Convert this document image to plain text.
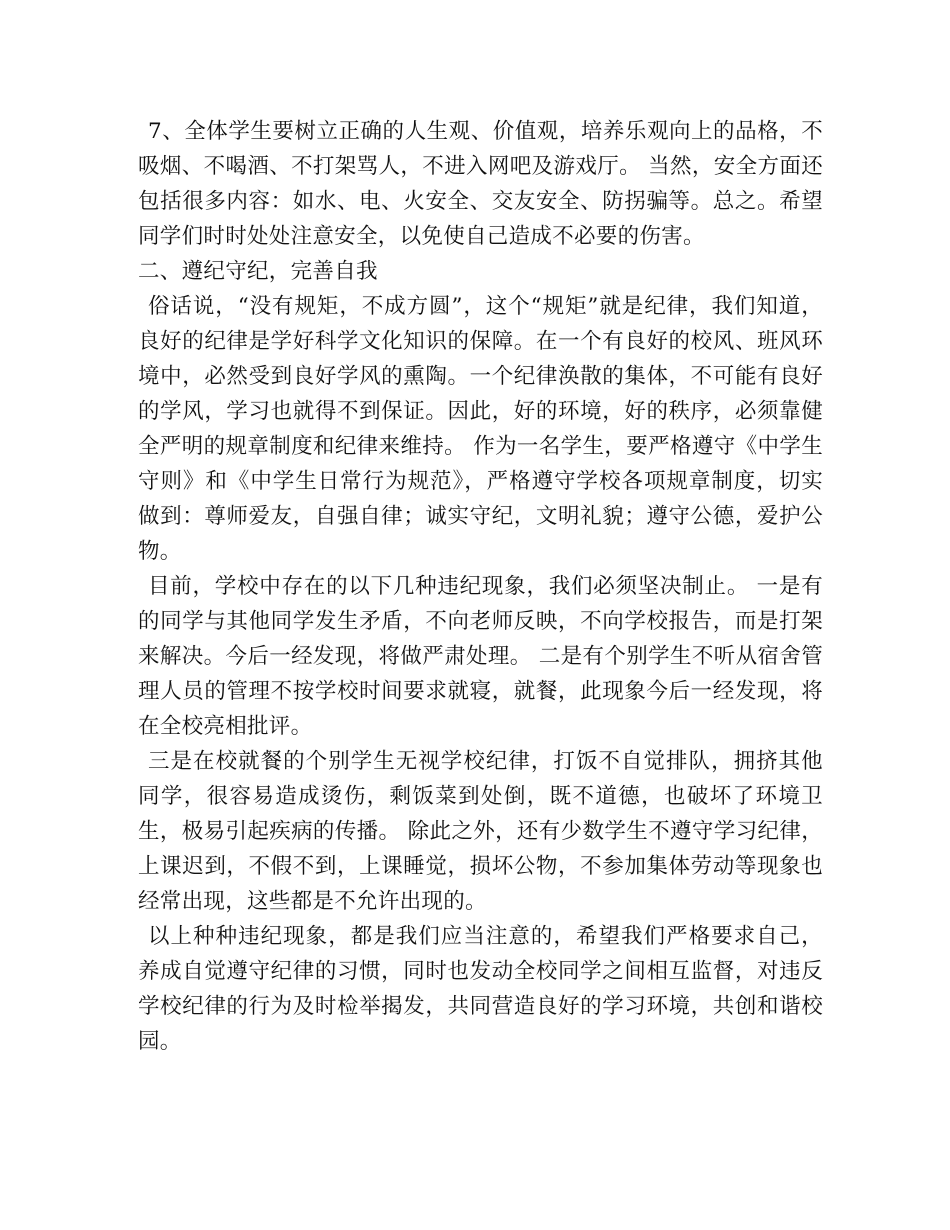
7、全体学生要树立正确的人生观、价值观，培养乐观向上的品格，不吸烟、不喝酒、不打架骂人，不进入网吧及游戏厅。 当然，安全方面还包括很多内容：如水、电、火安全、交友安全、防拐骗等。总之。希望同学们时时处处注意安全，以免使自己造成不必要的伤害。

二、遵纪守纪，完善自我

俗话说，“没有规矩，不成方圆”，这个“规矩”就是纪律，我们知道，良好的纪律是学好科学文化知识的保障。在一个有良好的校风、班风环境中，必然受到良好学风的熏陶。一个纪律涣散的集体，不可能有良好的学风，学习也就得不到保证。因此，好的环境，好的秩序，必须靠健全严明的规章制度和纪律来维持。 作为一名学生，要严格遵守《中学生守则》和《中学生日常行为规范》，严格遵守学校各项规章制度，切实做到：尊师爱友，自强自律；诚实守纪，文明礼貌；遵守公德，爱护公物。

目前，学校中存在的以下几种违纪现象，我们必须坚决制止。 一是有的同学与其他同学发生矛盾，不向老师反映，不向学校报告，而是打架来解决。今后一经发现，将做严肃处理。 二是有个别学生不听从宿舍管理人员的管理不按学校时间要求就寝，就餐，此现象今后一经发现，将在全校亮相批评。

三是在校就餐的个别学生无视学校纪律，打饭不自觉排队，拥挤其他同学，很容易造成烫伤，剩饭菜到处倒，既不道德，也破坏了环境卫生，极易引起疾病的传播。 除此之外，还有少数学生不遵守学习纪律，上课迟到，不假不到，上课睡觉，损坏公物，不参加集体劳动等现象也经常出现，这些都是不允许出现的。

以上种种违纪现象，都是我们应当注意的，希望我们严格要求自己，养成自觉遵守纪律的习惯，同时也发动全校同学之间相互监督，对违反学校纪律的行为及时检举揭发，共同营造良好的学习环境，共创和谐校园。
